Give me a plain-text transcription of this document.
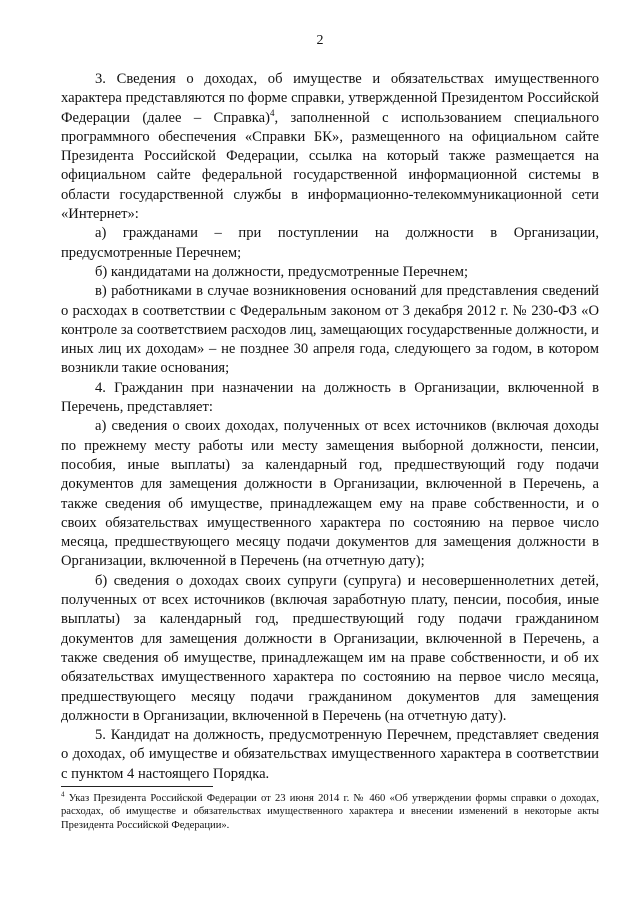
2

3. Сведения о доходах, об имуществе и обязательствах имущественного характера представляются по форме справки, утвержденной Президентом Российской Федерации (далее – Справка)$^4$, заполненной с использованием специального программного обеспечения «Справки БК», размещенного на официальном сайте Президента Российской Федерации, ссылка на который также размещается на официальном сайте федеральной государственной информационной системы в области государственной службы в информационно-телекоммуникационной сети «Интернет»:

а) гражданами – при поступлении на должности в Организации, предусмотренные Перечнем;

б) кандидатами на должности, предусмотренные Перечнем;

в) работниками в случае возникновения оснований для представления сведений о расходах в соответствии с Федеральным законом от 3 декабря 2012 г. № 230-ФЗ «О контроле за соответствием расходов лиц, замещающих государственные должности, и иных лиц их доходам» – не позднее 30 апреля года, следующего за годом, в котором возникли такие основания;

4. Гражданин при назначении на должность в Организации, включенной в Перечень, представляет:

а) сведения о своих доходах, полученных от всех источников (включая доходы по прежнему месту работы или месту замещения выборной должности, пенсии, пособия, иные выплаты) за календарный год, предшествующий году подачи документов для замещения должности в Организации, включенной в Перечень, а также сведения об имуществе, принадлежащем ему на праве собственности, и о своих обязательствах имущественного характера по состоянию на первое число месяца, предшествующего месяцу подачи документов для замещения должности в Организации, включенной в Перечень (на отчетную дату);

б) сведения о доходах своих супруги (супруга) и несовершеннолетних детей, полученных от всех источников (включая заработную плату, пенсии, пособия, иные выплаты) за календарный год, предшествующий году подачи гражданином документов для замещения должности в Организации, включенной в Перечень, а также сведения об имуществе, принадлежащем им на праве собственности, и об их обязательствах имущественного характера по состоянию на первое число месяца, предшествующего месяцу подачи гражданином документов для замещения должности в Организации, включенной в Перечень (на отчетную дату).

5. Кандидат на должность, предусмотренную Перечнем, представляет сведения о доходах, об имуществе и обязательствах имущественного характера в соответствии с пунктом 4 настоящего Порядка.

$^4$ Указ Президента Российской Федерации от 23 июня 2014 г. № 460 «Об утверждении формы справки о доходах, расходах, об имуществе и обязательствах имущественного характера и внесении изменений в некоторые акты Президента Российской Федерации».
